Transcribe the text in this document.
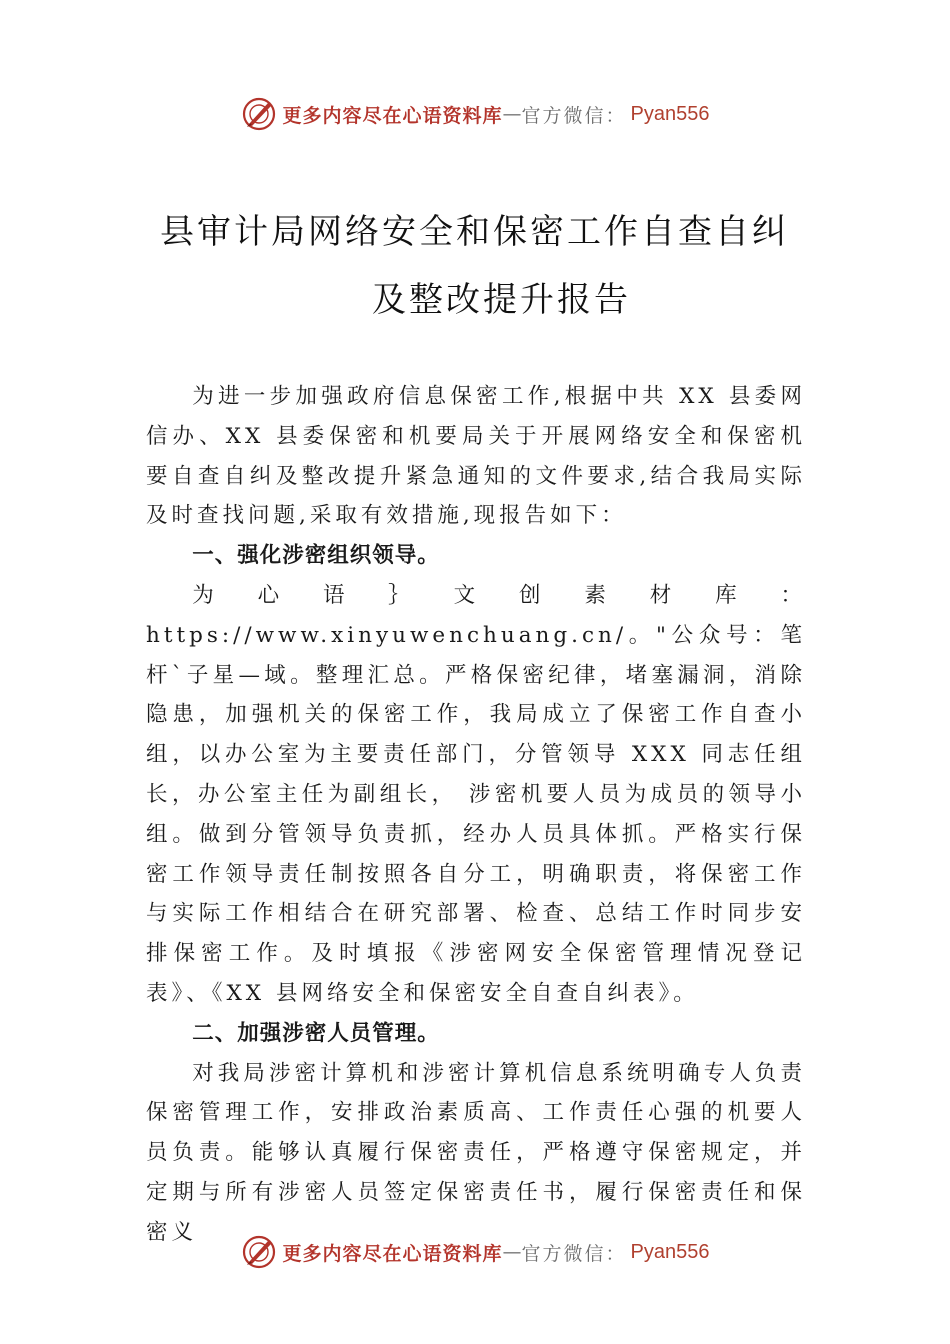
更多内容尽在心语资料库 — 官方微信： Pyan556
县审计局网络安全和保密工作自查自纠
及整改提升报告

为进一步加强政府信息保密工作,根据中共 XX 县委网信办、XX 县委保密和机要局关于开展网络安全和保密机要自查自纠及整改提升紧急通知的文件要求,结合我局实际及时查找问题,采取有效措施,现报告如下：

一、强化涉密组织领导。

为 心 语 ｝ 文 创 素 材 库 ： https://www.xinyuwenchuang.cn/。"公众号：笔杆`子星—域。整理汇总。严格保密纪律，堵塞漏洞，消除隐患，加强机关的保密工作，我局成立了保密工作自查小组，以办公室为主要责任部门，分管领导 XXX 同志任组长，办公室主任为副组长， 涉密机要人员为成员的领导小组。做到分管领导负责抓，经办人员具体抓。严格实行保密工作领导责任制按照各自分工，明确职责，将保密工作与实际工作相结合在研究部署、检查、总结工作时同步安排保密工作。及时填报《涉密网安全保密管理情况登记表》、《XX 县网络安全和保密安全自查自纠表》。

二、加强涉密人员管理。

对我局涉密计算机和涉密计算机信息系统明确专人负责保密管理工作，安排政治素质高、工作责任心强的机要人员负责。能够认真履行保密责任，严格遵守保密规定，并定期与所有涉密人员签定保密责任书，履行保密责任和保密义

更多内容尽在心语资料库 — 官方微信： Pyan556
